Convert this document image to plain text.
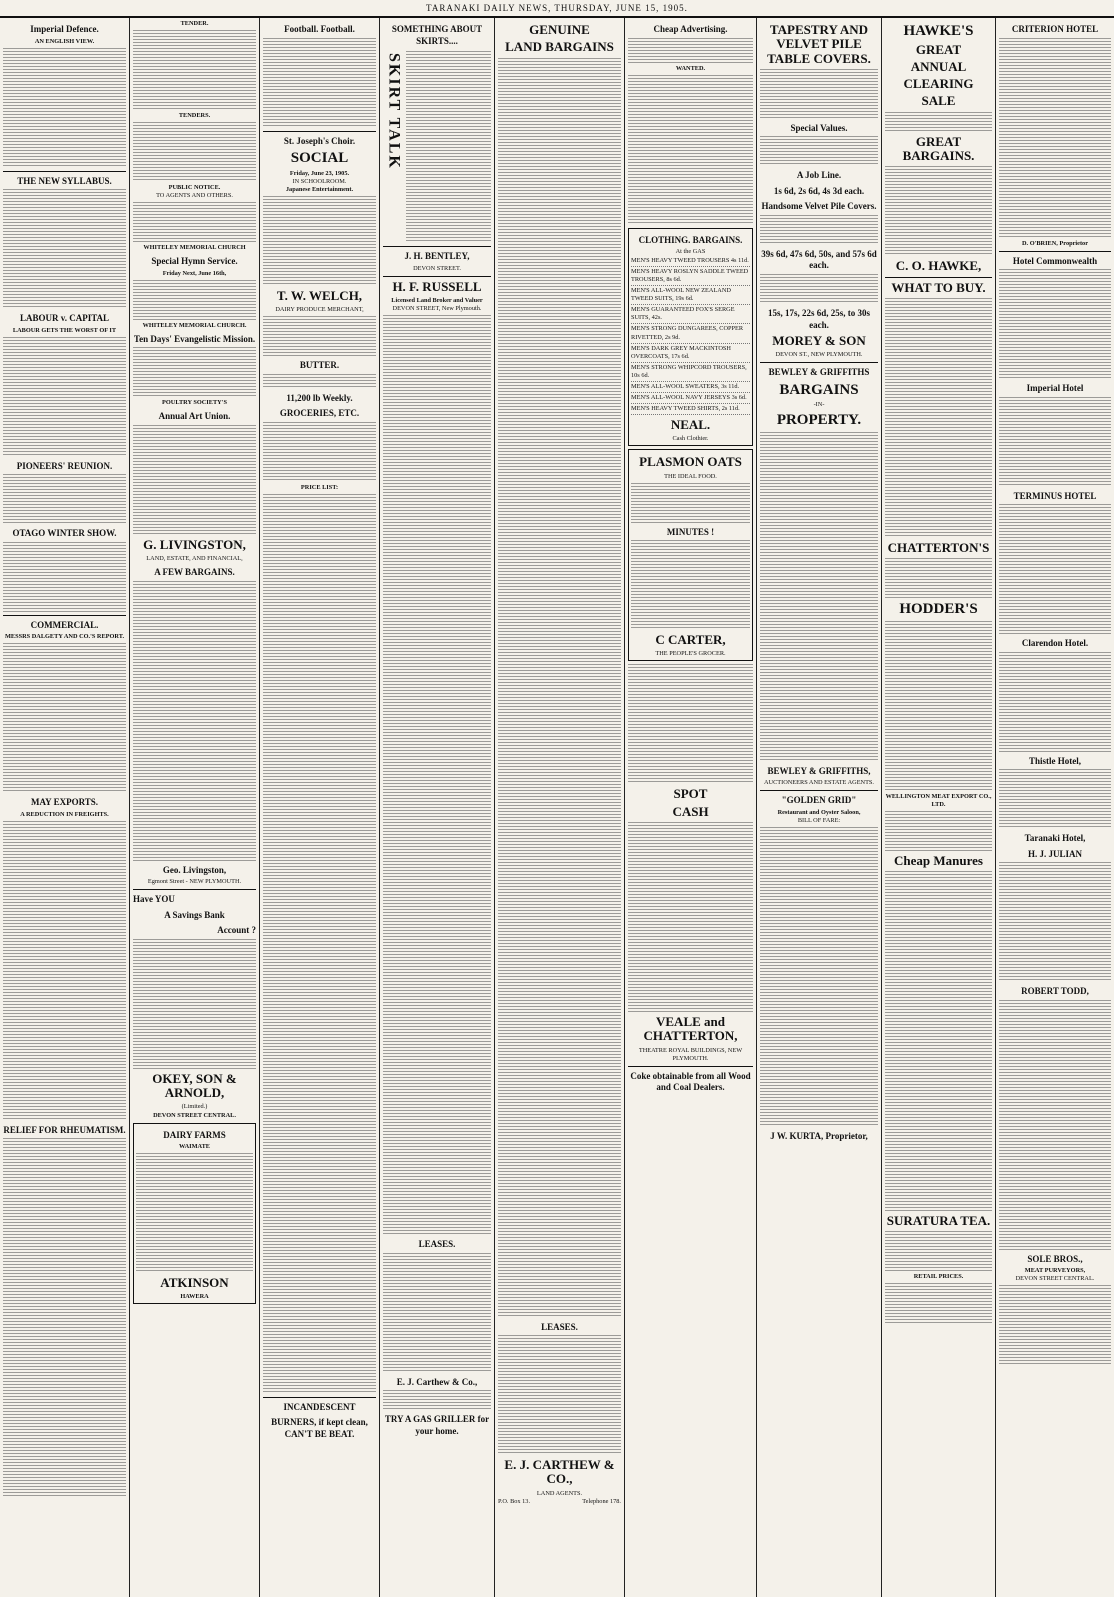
TARANAKI DAILY NEWS, THURSDAY, JUNE 15, 1905.
Imperial Defence.
AN ENGLISH VIEW.
THE NEW SYLLABUS.
LABOUR v. CAPITAL
LABOUR GETS THE WORST OF IT
PIONEERS' REUNION.
OTAGO WINTER SHOW.
COMMERCIAL.
MESSRS DALGETY AND CO.'S REPORT.
MAY EXPORTS.
A REDUCTION IN FREIGHTS.
RELIEF FOR RHEUMATISM.
TENDER.
TENDERS.
PUBLIC NOTICE.
TO AGENTS AND OTHERS.
WHITELEY MEMORIAL CHURCH
Special Hymn Service.
Friday Next, June 16th,
WHITELEY MEMORIAL CHURCH.
Ten Days' Evangelistic Mission.
POULTRY SOCIETY'S
Annual Art Union.
G. LIVINGSTON,
LAND, ESTATE, AND FINANCIAL,
A FEW BARGAINS.
Geo. Livingston,
Egmont Street - NEW PLYMOUTH.
Have YOU
A Savings Bank
Account ?
OKEY, SON & ARNOLD,
(Limited.)
DEVON STREET CENTRAL.
DAIRY FARMS
WAIMATE
ATKINSON
HAWERA
Football. Football.
St. Joseph's Choir.
SOCIAL
Friday, June 23, 1905.
IN SCHOOLROOM.
Japanese Entertainment.
T. W. WELCH,
DAIRY PRODUCE MERCHANT,
BUTTER.
11,200 lb Weekly.
GROCERIES, ETC.
PRICE LIST:
INCANDESCENT
BURNERS, if kept clean, CAN'T BE BEAT.
SOMETHING ABOUT SKIRTS....
SKIRT TALK
J. H. BENTLEY,
DEVON STREET.
H. F. RUSSELL
Licensed Land Broker and Valuer
DEVON STREET, New Plymouth.
LEASES.
E. J. Carthew & Co.,
TRY A GAS GRILLER for your home.
GENUINE
LAND BARGAINS
LEASES.
E. J. CARTHEW & CO.,
LAND AGENTS.
P.O. Box 13.	Telephone 178.
Cheap Advertising.
WANTED.
CLOTHING. BARGAINS.
At the GAS
MEN'S HEAVY TWEED TROUSERS 4s 11d.
MEN'S HEAVY ROSLYN SADDLE TWEED TROUSERS, 8s 6d.
MEN'S ALL-WOOL NEW ZEALAND TWEED SUITS, 19s 6d.
MEN'S GUARANTEED FOX'S SERGE SUITS, 42s.
MEN'S STRONG DUNGAREES, COPPER RIVETTED, 2s 9d.
MEN'S DARK GREY MACKINTOSH OVERCOATS, 17s 6d.
MEN'S STRONG WHIPCORD TROUSERS, 10s 6d.
MEN'S ALL-WOOL SWEATERS, 3s 11d.
MEN'S ALL-WOOL NAVY JERSEYS 3s 6d.
MEN'S HEAVY TWEED SHIRTS, 2s 11d.
NEAL.
Cash Clothier.
PLASMON OATS
THE IDEAL FOOD.
MINUTES !
C CARTER,
THE PEOPLE'S GROCER.
SPOT
CASH
VEALE and CHATTERTON,
THEATRE ROYAL BUILDINGS, NEW PLYMOUTH.
Coke obtainable from all Wood and Coal Dealers.
TAPESTRY AND VELVET PILE TABLE COVERS.
Special Values.
A Job Line.
1s 6d, 2s 6d, 4s 3d each.
Handsome Velvet Pile Covers.
39s 6d, 47s 6d, 50s, and 57s 6d each.
15s, 17s, 22s 6d, 25s, to 30s each.
MOREY & SON
DEVON ST., NEW PLYMOUTH.
BEWLEY & GRIFFITHS
BARGAINS
-IN-
PROPERTY.
BEWLEY & GRIFFITHS,
AUCTIONEERS AND ESTATE AGENTS.
"GOLDEN GRID"
Restaurant and Oyster Saloon,
BILL OF FARE:
J W. KURTA, Proprietor,
HAWKE'S
GREAT
ANNUAL
CLEARING
SALE
GREAT BARGAINS.
C. O. HAWKE,
WHAT TO BUY.
CHATTERTON'S
HODDER'S
WELLINGTON MEAT EXPORT CO., LTD.
Cheap Manures
SURATURA TEA.
RETAIL PRICES.
CRITERION HOTEL
D. O'BRIEN, Proprietor
Hotel Commonwealth
Imperial Hotel
TERMINUS HOTEL
Clarendon Hotel.
Thistle Hotel,
Taranaki Hotel,
H. J. JULIAN
ROBERT TODD,
SOLE BROS.,
MEAT PURVEYORS,
DEVON STREET CENTRAL.
